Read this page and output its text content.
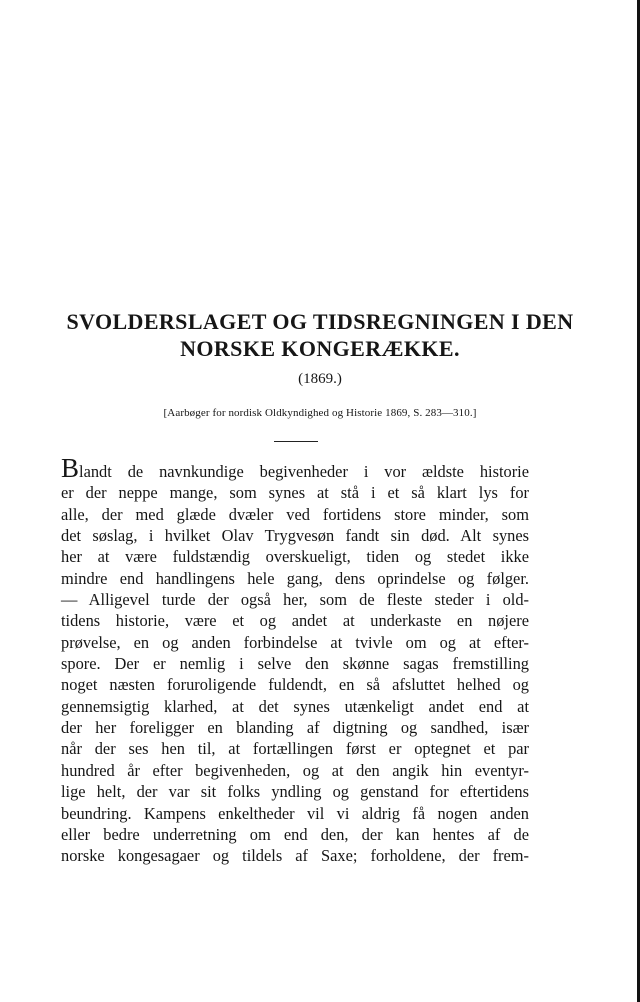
SVOLDERSLAGET OG TIDSREGNINGEN I DEN
NORSKE KONGERÆKKE.
(1869.)
[Aarbøger for nordisk Oldkyndighed og Historie 1869, S. 283—310.]
Blandt de navnkundige begivenheder i vor ældste historie
er der neppe mange, som synes at stå i et så klart lys for
alle, der med glæde dvæler ved fortidens store minder, som
det søslag, i hvilket Olav Trygvesøn fandt sin død. Alt synes
her at være fuldstændig overskueligt, tiden og stedet ikke
mindre end handlingens hele gang, dens oprindelse og følger.
— Alligevel turde der også her, som de fleste steder i old-
tidens historie, være et og andet at underkaste en nøjere
prøvelse, en og anden forbindelse at tvivle om og at efter-
spore. Der er nemlig i selve den skønne sagas fremstilling
noget næsten foruroligende fuldendt, en så afsluttet helhed og
gennemsigtig klarhed, at det synes utænkeligt andet end at
der her foreligger en blanding af digtning og sandhed, især
når der ses hen til, at fortællingen først er optegnet et par
hundred år efter begivenheden, og at den angik hin eventyr-
lige helt, der var sit folks yndling og genstand for eftertidens
beundring. Kampens enkeltheder vil vi aldrig få nogen anden
eller bedre underretning om end den, der kan hentes af de
norske kongesagaer og tildels af Saxe; forholdene, der frem-
